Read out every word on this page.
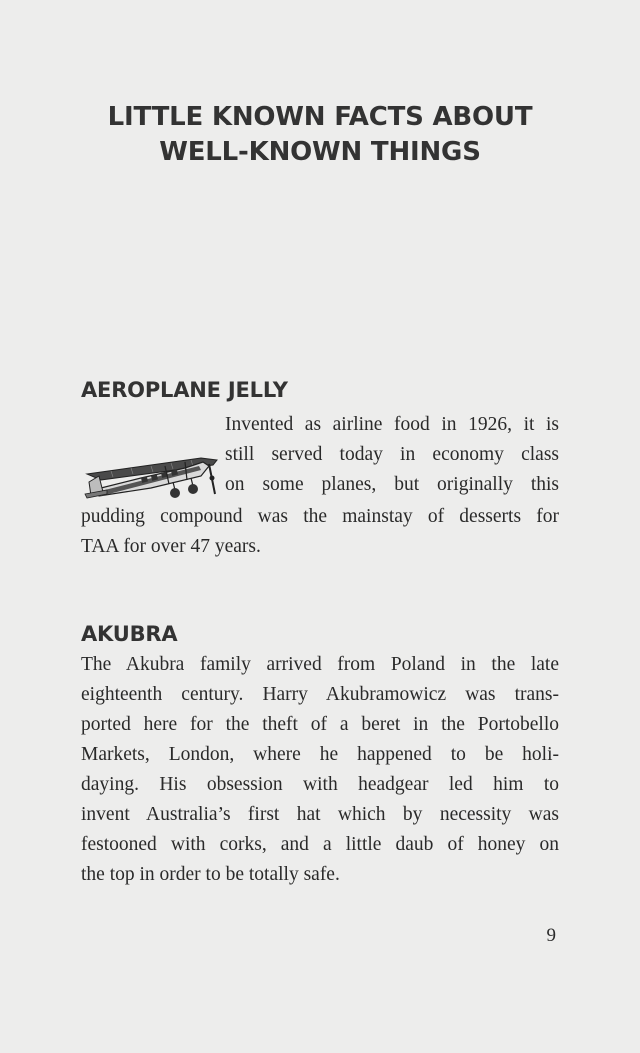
LITTLE KNOWN FACTS ABOUT
WELL-KNOWN THINGS
AEROPLANE JELLY

Invented as airline food in 1926, it is
still served today in economy class
on some planes, but originally this

pudding compound was the mainstay of desserts for
TAA for over 47 years.

AKUBRA

The Akubra family arrived from Poland in the late
eighteenth century. Harry Akubramowicz was trans-
ported here for the theft of a beret in the Portobello
Markets, London, where he happened to be holi-
daying. His obsession with headgear led him to
invent Australia’s first hat which by necessity was
festooned with corks, and a little daub of honey on
the top in order to be totally safe.

9
